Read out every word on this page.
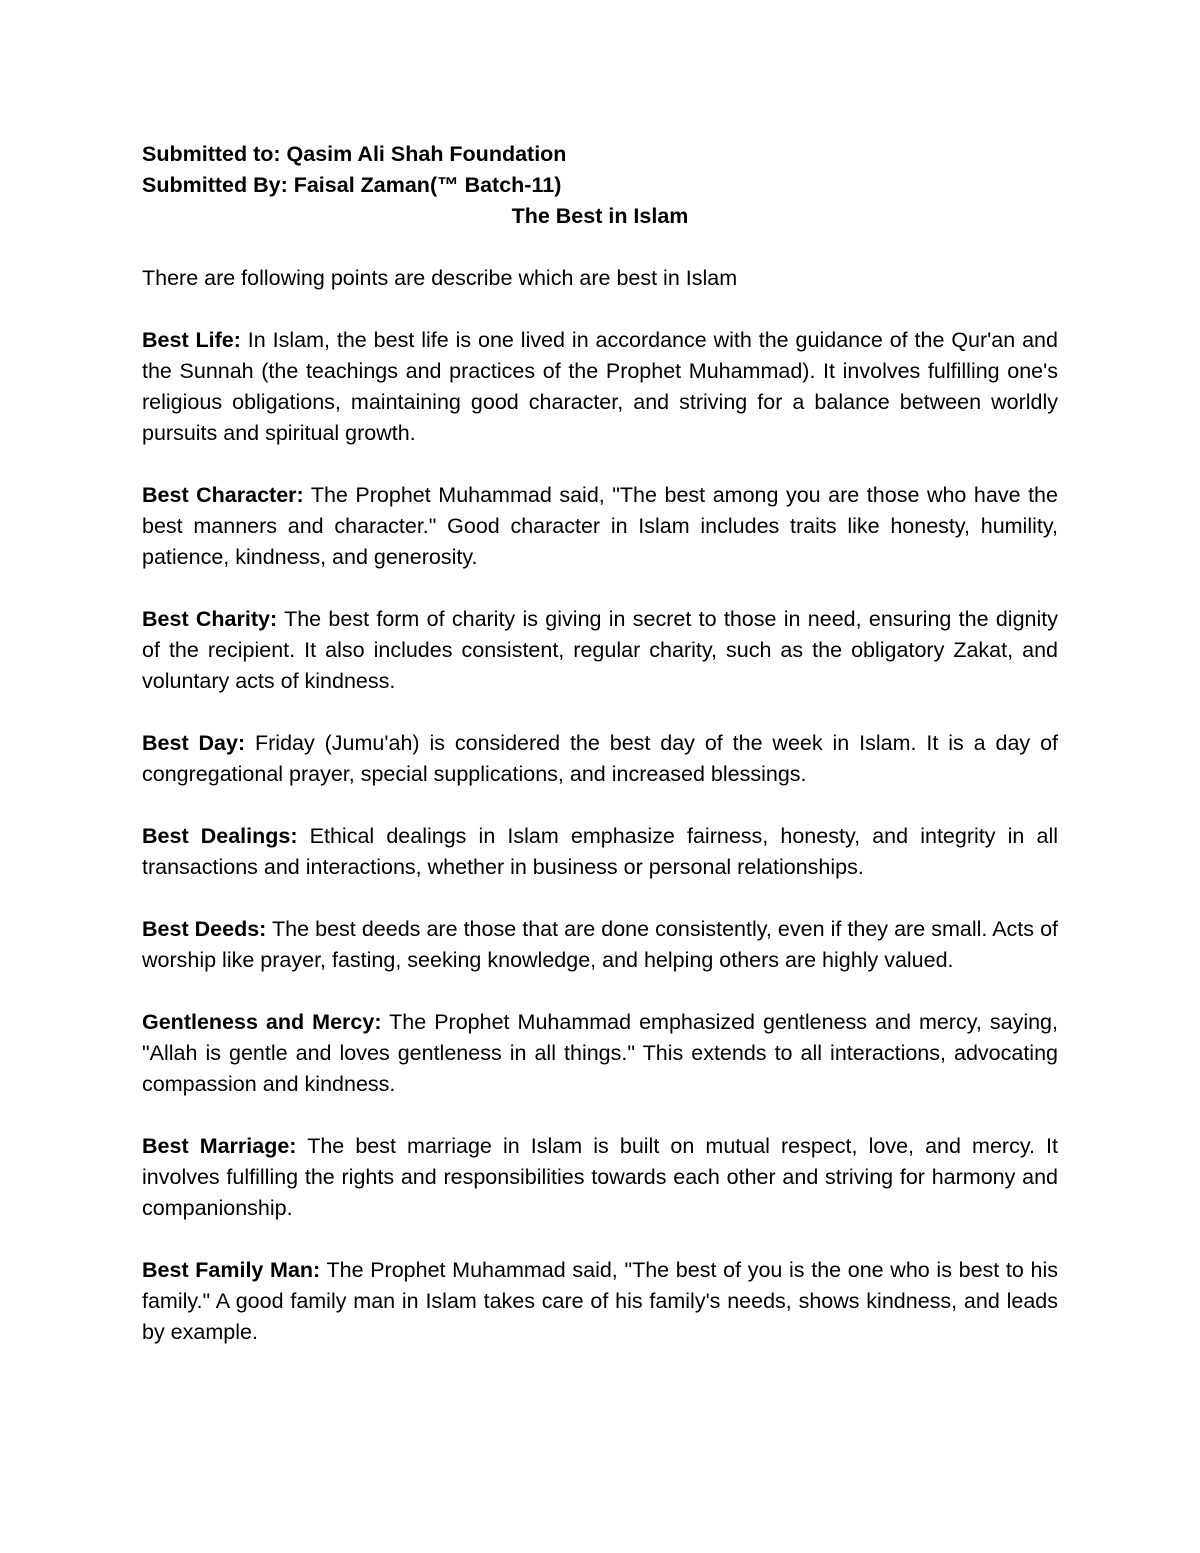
Submitted to: Qasim Ali Shah Foundation
Submitted By: Faisal Zaman(™ Batch-11)
The Best in Islam
There are following points are describe which are best in Islam
Best Life: In Islam, the best life is one lived in accordance with the guidance of the Qur'an and the Sunnah (the teachings and practices of the Prophet Muhammad). It involves fulfilling one's religious obligations, maintaining good character, and striving for a balance between worldly pursuits and spiritual growth.
Best Character: The Prophet Muhammad said, "The best among you are those who have the best manners and character." Good character in Islam includes traits like honesty, humility, patience, kindness, and generosity.
Best Charity: The best form of charity is giving in secret to those in need, ensuring the dignity of the recipient. It also includes consistent, regular charity, such as the obligatory Zakat, and voluntary acts of kindness.
Best Day: Friday (Jumu'ah) is considered the best day of the week in Islam. It is a day of congregational prayer, special supplications, and increased blessings.
Best Dealings: Ethical dealings in Islam emphasize fairness, honesty, and integrity in all transactions and interactions, whether in business or personal relationships.
Best Deeds: The best deeds are those that are done consistently, even if they are small. Acts of worship like prayer, fasting, seeking knowledge, and helping others are highly valued.
Gentleness and Mercy: The Prophet Muhammad emphasized gentleness and mercy, saying, "Allah is gentle and loves gentleness in all things." This extends to all interactions, advocating compassion and kindness.
Best Marriage: The best marriage in Islam is built on mutual respect, love, and mercy. It involves fulfilling the rights and responsibilities towards each other and striving for harmony and companionship.
Best Family Man: The Prophet Muhammad said, "The best of you is the one who is best to his family." A good family man in Islam takes care of his family's needs, shows kindness, and leads by example.
